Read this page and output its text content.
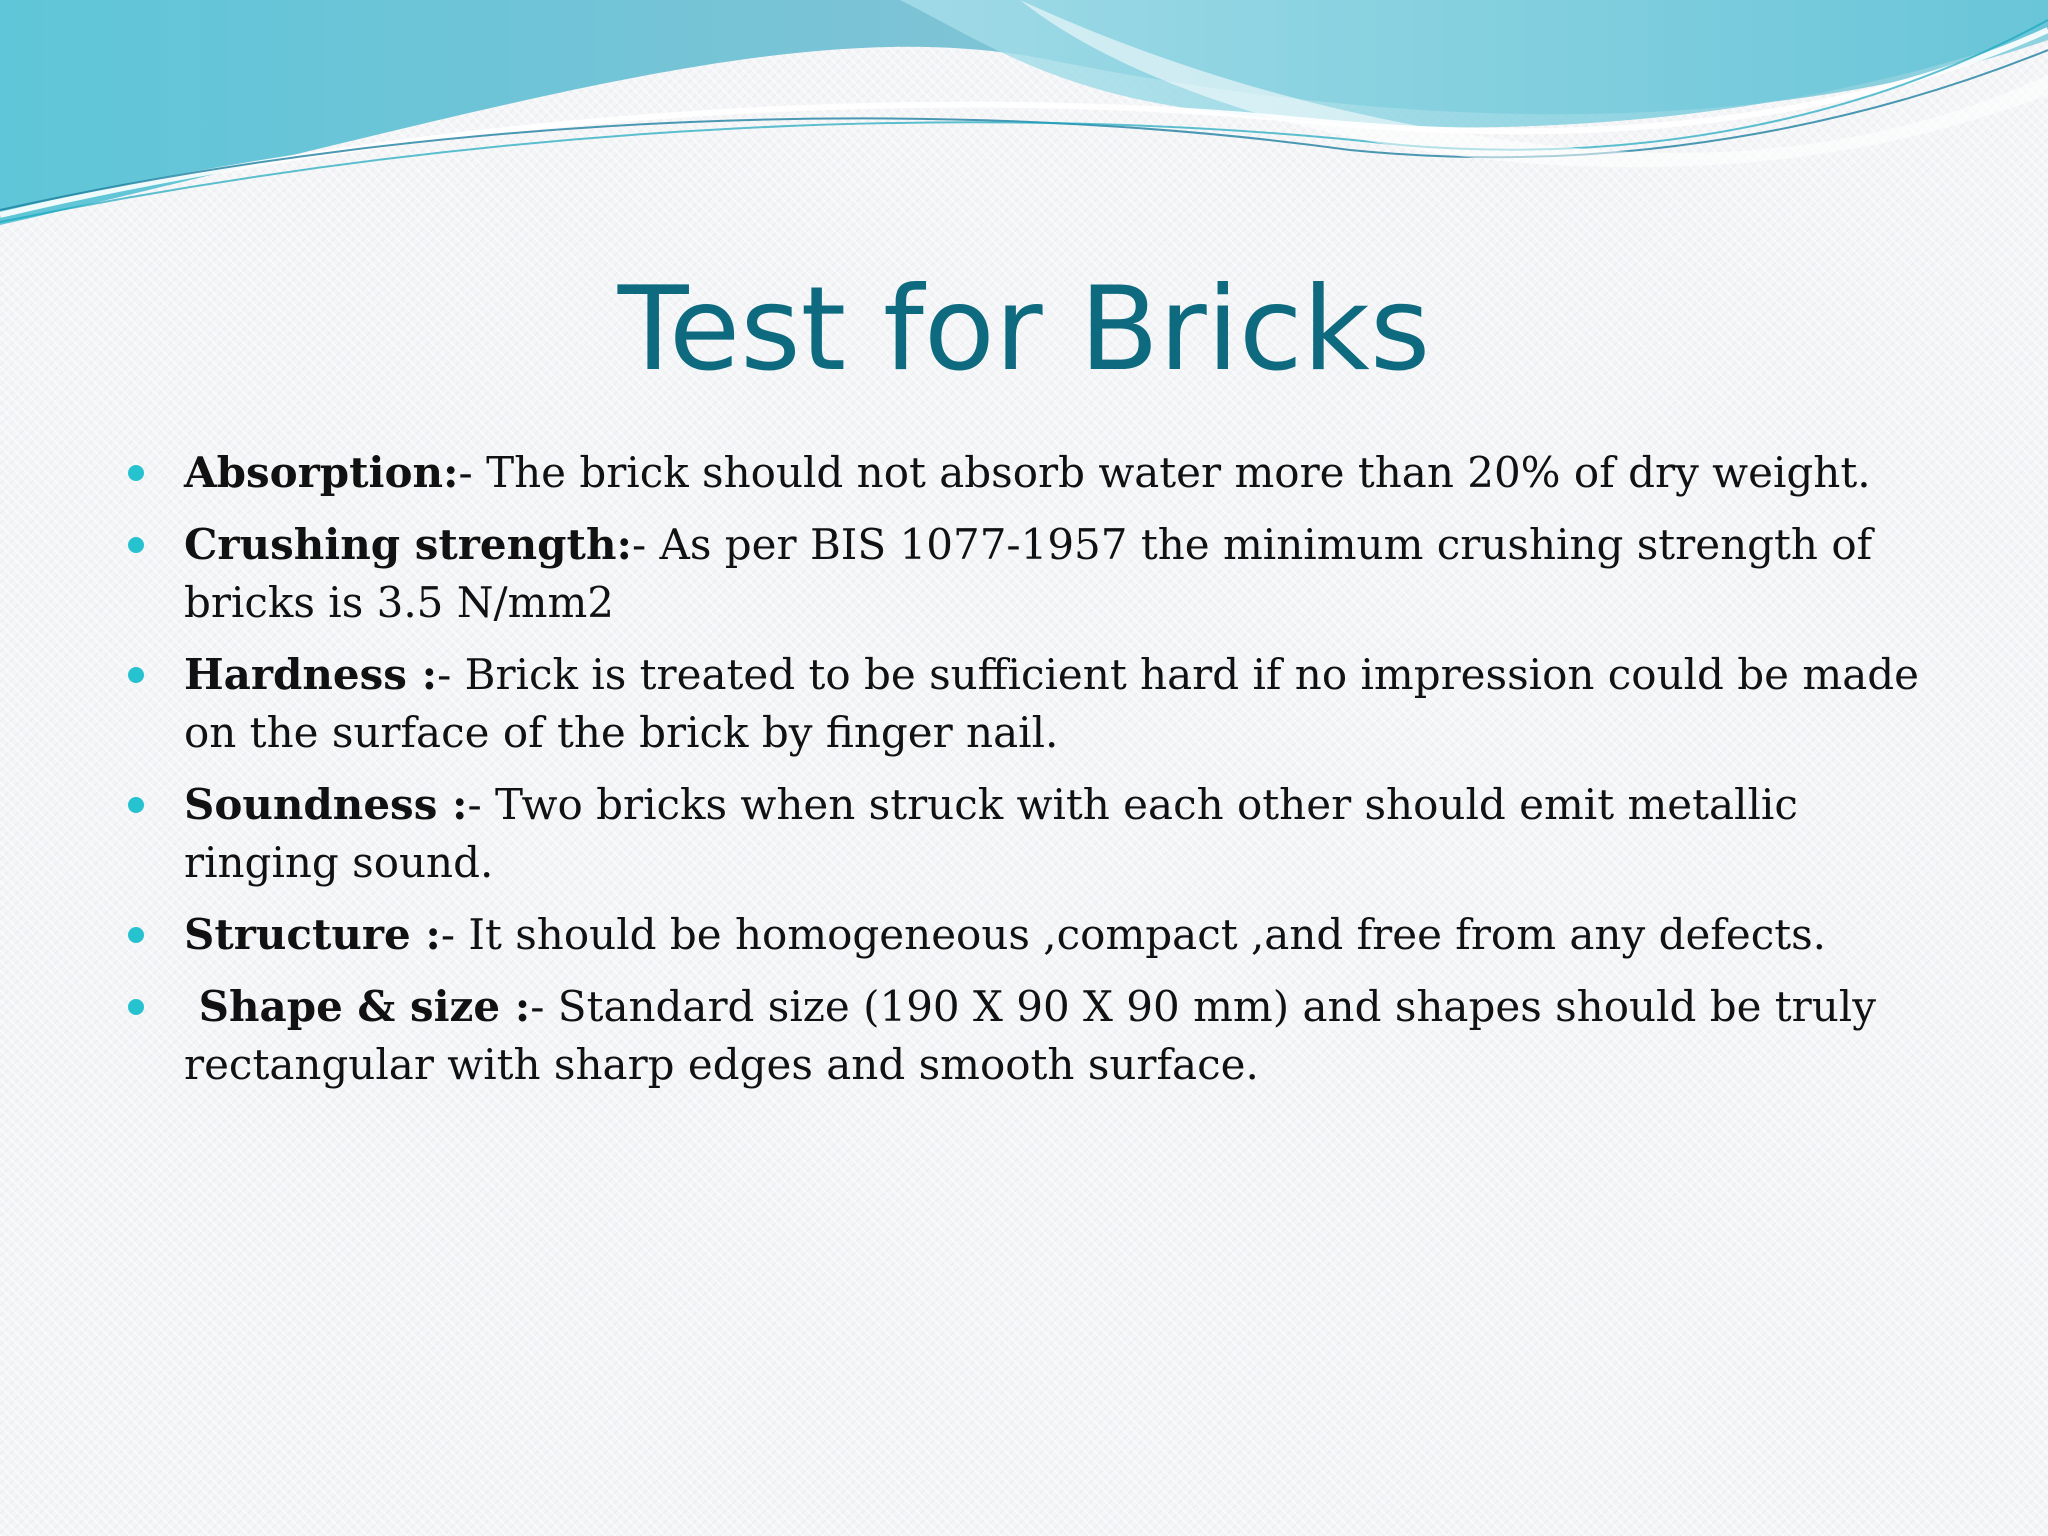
Test for Bricks
Absorption:- The brick should not absorb water more than 20% of dry weight.
Crushing strength:- As per BIS 1077-1957 the minimum crushing strength of bricks is 3.5 N/mm2
Hardness :- Brick is treated to be sufficient hard if no impression could be made on the surface of the brick by finger nail.
Soundness :- Two bricks when struck with each other should emit metallic ringing sound.
Structure :- It should be homogeneous ,compact ,and free from any defects.
Shape & size :- Standard size (190 X 90 X 90 mm) and shapes should be truly rectangular with sharp edges and smooth surface.
